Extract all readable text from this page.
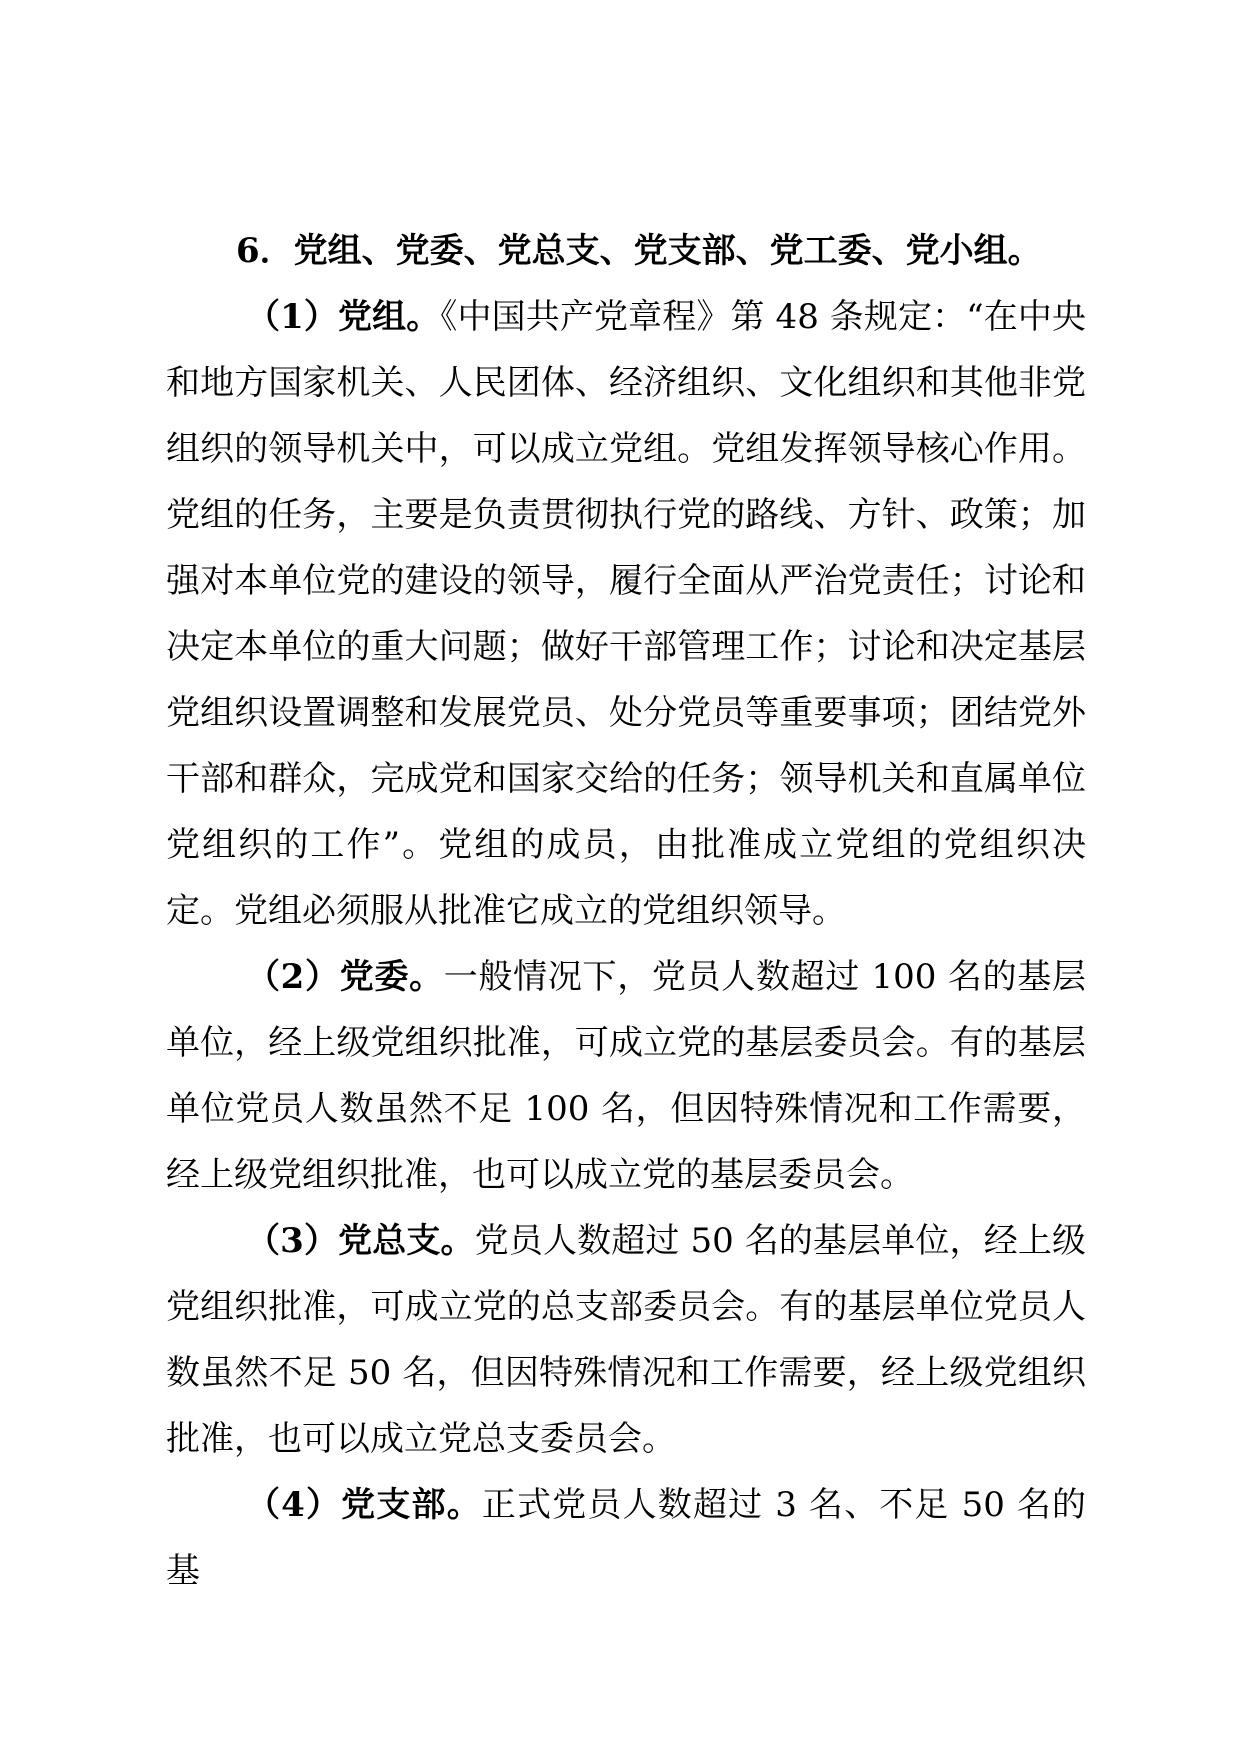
6．党组、党委、党总支、党支部、党工委、党小组。

（1）党组。《中国共产党章程》第 48 条规定：“在中央和地方国家机关、人民团体、经济组织、文化组织和其他非党组织的领导机关中，可以成立党组。党组发挥领导核心作用。党组的任务，主要是负责贯彻执行党的路线、方针、政策；加强对本单位党的建设的领导，履行全面从严治党责任；讨论和决定本单位的重大问题；做好干部管理工作；讨论和决定基层党组织设置调整和发展党员、处分党员等重要事项；团结党外干部和群众，完成党和国家交给的任务；领导机关和直属单位党组织的工作”。党组的成员，由批准成立党组的党组织决定。党组必须服从批准它成立的党组织领导。

（2）党委。一般情况下，党员人数超过 100 名的基层单位，经上级党组织批准，可成立党的基层委员会。有的基层单位党员人数虽然不足 100 名，但因特殊情况和工作需要，经上级党组织批准，也可以成立党的基层委员会。

（3）党总支。党员人数超过 50 名的基层单位，经上级党组织批准，可成立党的总支部委员会。有的基层单位党员人数虽然不足 50 名，但因特殊情况和工作需要，经上级党组织批准，也可以成立党总支委员会。

（4）党支部。正式党员人数超过 3 名、不足 50 名的基
